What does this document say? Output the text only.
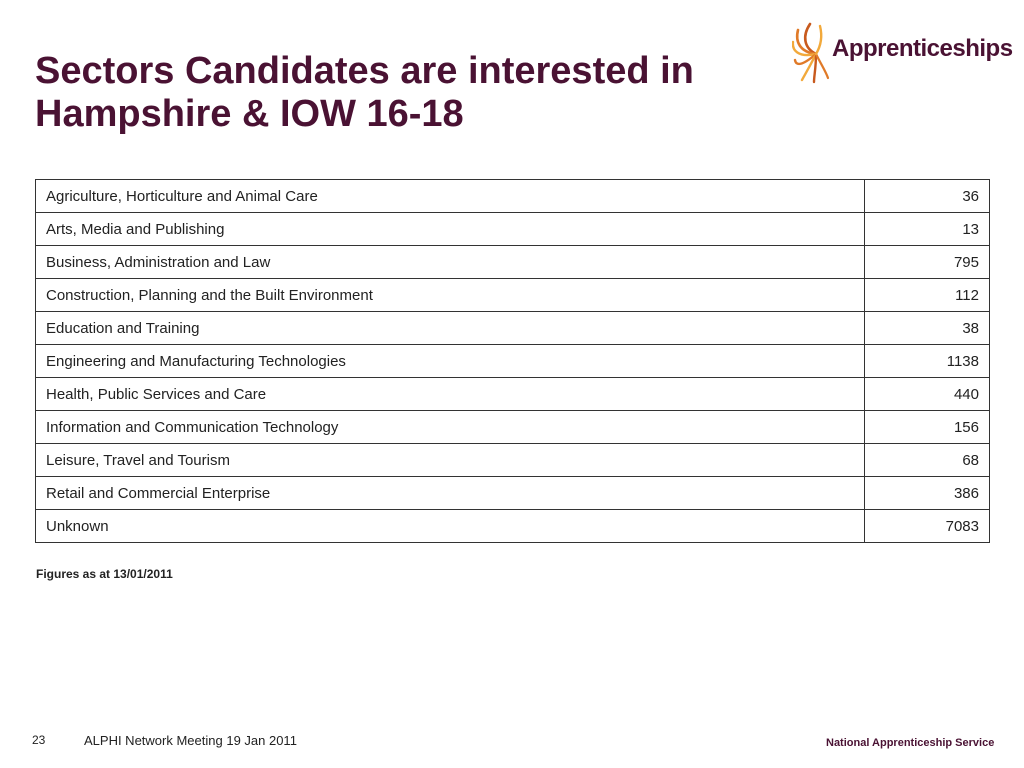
Sectors Candidates are interested in
Hampshire & IOW 16-18
Apprenticeships
Agriculture, Horticulture and Animal Care	36
Arts, Media and Publishing	13
Business, Administration and Law	795
Construction, Planning and the Built Environment	112
Education and Training	38
Engineering and Manufacturing Technologies	1138
Health, Public Services and Care	440
Information and Communication Technology	156
Leisure, Travel and Tourism	68
Retail and Commercial Enterprise	386
Unknown	7083
Figures as at 13/01/2011
23	ALPHI Network Meeting 19 Jan 2011	National Apprenticeship Service
